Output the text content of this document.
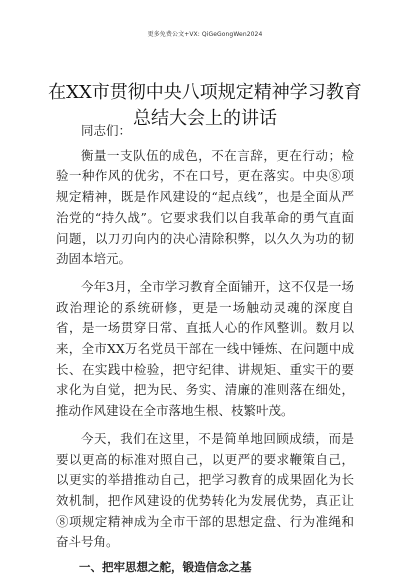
更多免费公文+VX: QiGeGongWen2024
在XX市贯彻中央八项规定精神学习教育总结大会上的讲话

同志们：

衡量一支队伍的成色，不在言辞，更在行动；检验一种作风的优劣，不在口号，更在落实。中央⑧项规定精神，既是作风建设的“起点线”，也是全面从严治党的“持久战”。它要求我们以自我革命的勇气直面问题，以刀刃向内的决心清除积弊，以久久为功的韧劲固本培元。

今年3月，全市学习教育全面铺开，这不仅是一场政治理论的系统研修，更是一场触动灵魂的深度自省，是一场贯穿日常、直抵人心的作风整训。数月以来，全市XX万名党员干部在一线中锤炼、在问题中成长、在实践中检验，把守纪律、讲规矩、重实干的要求化为自觉，把为民、务实、清廉的准则落在细处，推动作风建设在全市落地生根、枝繁叶茂。

今天，我们在这里，不是简单地回顾成绩，而是要以更高的标准对照自己，以更严的要求鞭策自己，以更实的举措推动自己，把学习教育的成果固化为长效机制，把作风建设的优势转化为发展优势，真正让⑧项规定精神成为全市干部的思想定盘、行为准绳和奋斗号角。

一、把牢思想之舵，锻造信念之基
